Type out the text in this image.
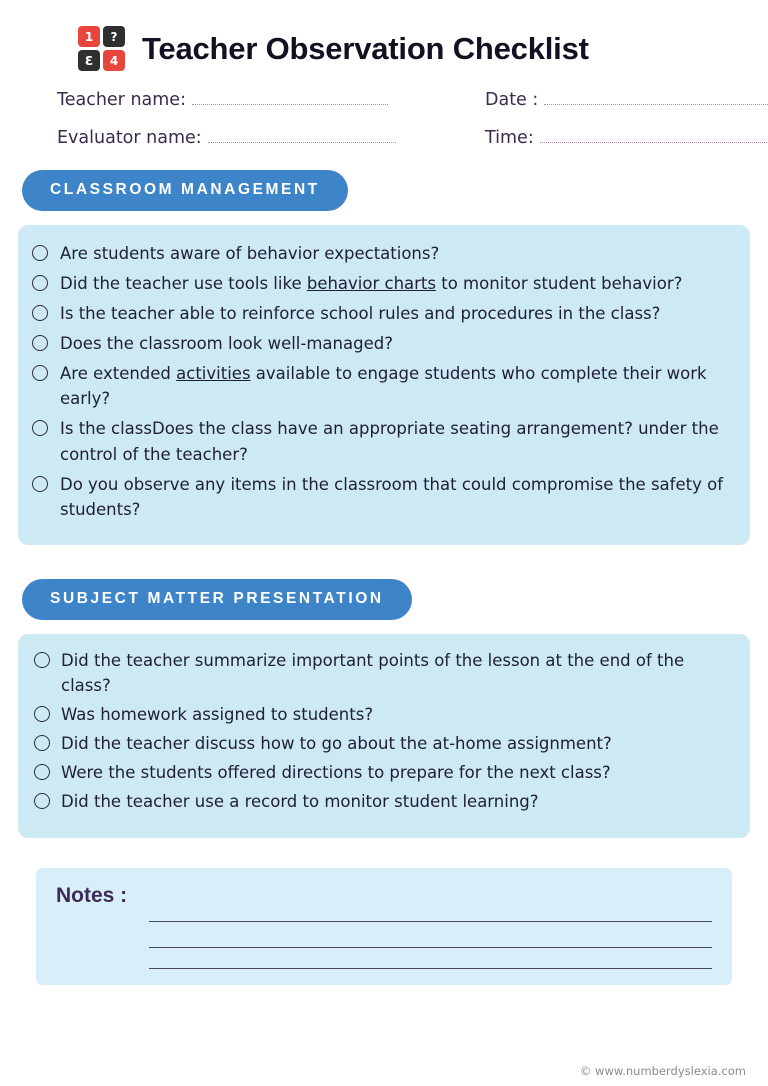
1	?
Ɛ	4 Teacher Observation Checklist
Teacher name:
Evaluator name:
Date :
Time:
CLASSROOM MANAGEMENT
Are students aware of behavior expectations?
Did the teacher use tools like behavior charts to monitor student behavior?
Is the teacher able to reinforce school rules and procedures in the class?
Does the classroom look well-managed?
Are extended activities available to engage students who complete their work early?
Is the classDoes the class have an appropriate seating arrangement? under the control of the teacher?
Do you observe any items in the classroom that could compromise the safety of students?
SUBJECT MATTER PRESENTATION
Did the teacher summarize important points of the lesson at the end of the class?
Was homework assigned to students?
Did the teacher discuss how to go about the at-home assignment?
Were the students offered directions to prepare for the next class?
Did the teacher use a record to monitor student learning?
Notes :
© www.numberdyslexia.com
